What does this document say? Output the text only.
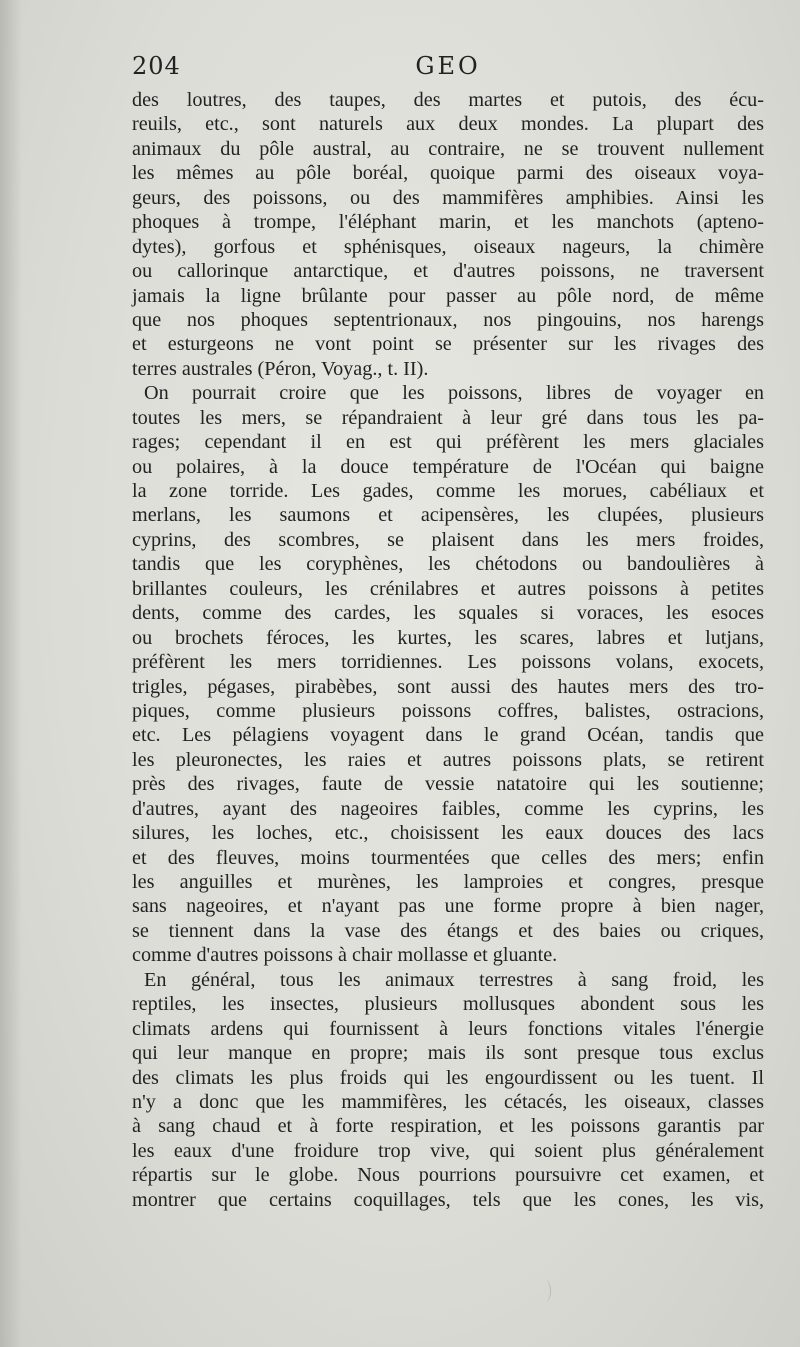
204	GEO
des loutres, des taupes, des martes et putois, des écu-
reuils, etc., sont naturels aux deux mondes. La plupart des
animaux du pôle austral, au contraire, ne se trouvent nullement
les mêmes au pôle boréal, quoique parmi des oiseaux voya-
geurs, des poissons, ou des mammifères amphibies. Ainsi les
phoques à trompe, l'éléphant marin, et les manchots (apteno-
dytes), gorfous et sphénisques, oiseaux nageurs, la chimère
ou callorinque antarctique, et d'autres poissons, ne traversent
jamais la ligne brûlante pour passer au pôle nord, de même
que nos phoques septentrionaux, nos pingouins, nos harengs
et esturgeons ne vont point se présenter sur les rivages des
terres australes (Péron, Voyag., t. II).
On pourrait croire que les poissons, libres de voyager en
toutes les mers, se répandraient à leur gré dans tous les pa-
rages; cependant il en est qui préfèrent les mers glaciales
ou polaires, à la douce température de l'Océan qui baigne
la zone torride. Les gades, comme les morues, cabéliaux et
merlans, les saumons et acipensères, les clupées, plusieurs
cyprins, des scombres, se plaisent dans les mers froides,
tandis que les coryphènes, les chétodons ou bandoulières à
brillantes couleurs, les crénilabres et autres poissons à petites
dents, comme des cardes, les squales si voraces, les esoces
ou brochets féroces, les kurtes, les scares, labres et lutjans,
préfèrent les mers torridiennes. Les poissons volans, exocets,
trigles, pégases, pirabèbes, sont aussi des hautes mers des tro-
piques, comme plusieurs poissons coffres, balistes, ostracions,
etc. Les pélagiens voyagent dans le grand Océan, tandis que
les pleuronectes, les raies et autres poissons plats, se retirent
près des rivages, faute de vessie natatoire qui les soutienne;
d'autres, ayant des nageoires faibles, comme les cyprins, les
silures, les loches, etc., choisissent les eaux douces des lacs
et des fleuves, moins tourmentées que celles des mers; enfin
les anguilles et murènes, les lamproies et congres, presque
sans nageoires, et n'ayant pas une forme propre à bien nager,
se tiennent dans la vase des étangs et des baies ou criques,
comme d'autres poissons à chair mollasse et gluante.
En général, tous les animaux terrestres à sang froid, les
reptiles, les insectes, plusieurs mollusques abondent sous les
climats ardens qui fournissent à leurs fonctions vitales l'énergie
qui leur manque en propre; mais ils sont presque tous exclus
des climats les plus froids qui les engourdissent ou les tuent. Il
n'y a donc que les mammifères, les cétacés, les oiseaux, classes
à sang chaud et à forte respiration, et les poissons garantis par
les eaux d'une froidure trop vive, qui soient plus généralement
répartis sur le globe. Nous pourrions poursuivre cet examen, et
montrer que certains coquillages, tels que les cones, les vis,
